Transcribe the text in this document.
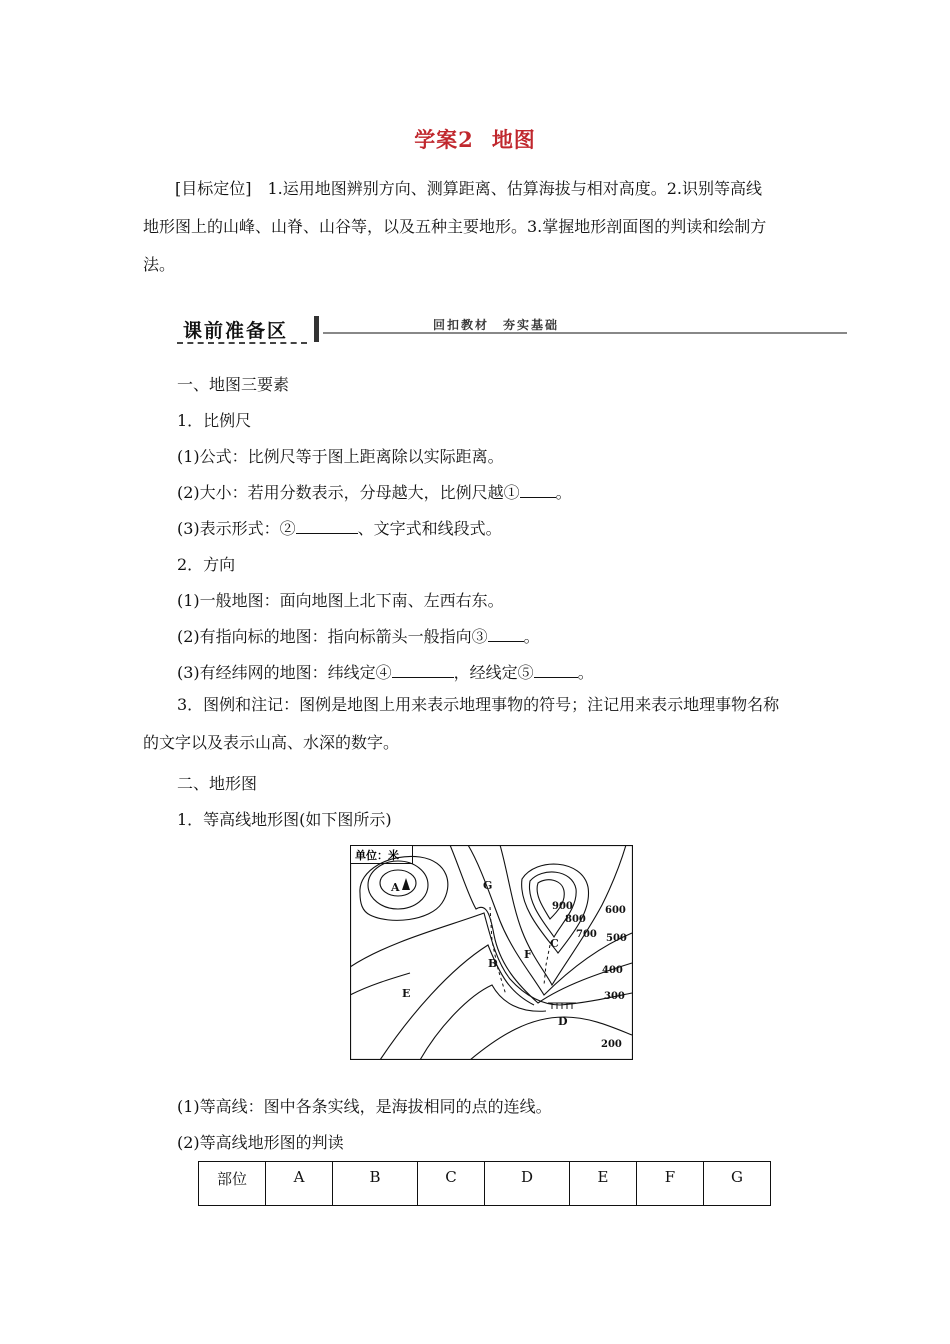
学案2 地图

[目标定位]　1.运用地图辨别方向、测算距离、估算海拔与相对高度。2.识别等高线

地形图上的山峰、山脊、山谷等，以及五种主要地形。3.掌握地形剖面图的判读和绘制方

法。

课前准备区	回扣教材　夯实基础
一、地图三要素
1．比例尺
(1)公式：比例尺等于图上距离除以实际距离。
(2)大小：若用分数表示，分母越大，比例尺越① 。
(3)表示形式：②	、文字式和线段式。
2．方向
(1)一般地图：面向地图上北下南、左西右东。
(2)有指向标的地图：指向标箭头一般指向③ 。
(3)有经纬网的地图：纬线定④	，经线定⑤	。

3．图例和注记：图例是地图上用来表示地理事物的符号；注记用来表示地理事物名称

的文字以及表示山高、水深的数字。

二、地形图
1．等高线地形图(如下图所示)
单位：米
A
B
C
D
E
F
G
900
800
700
600
500
400
300
200
(1)等高线：图中各条实线，是海拔相同的点的连线。
(2)等高线地形图的判读
部位	A	B	C	D	E	F	G
